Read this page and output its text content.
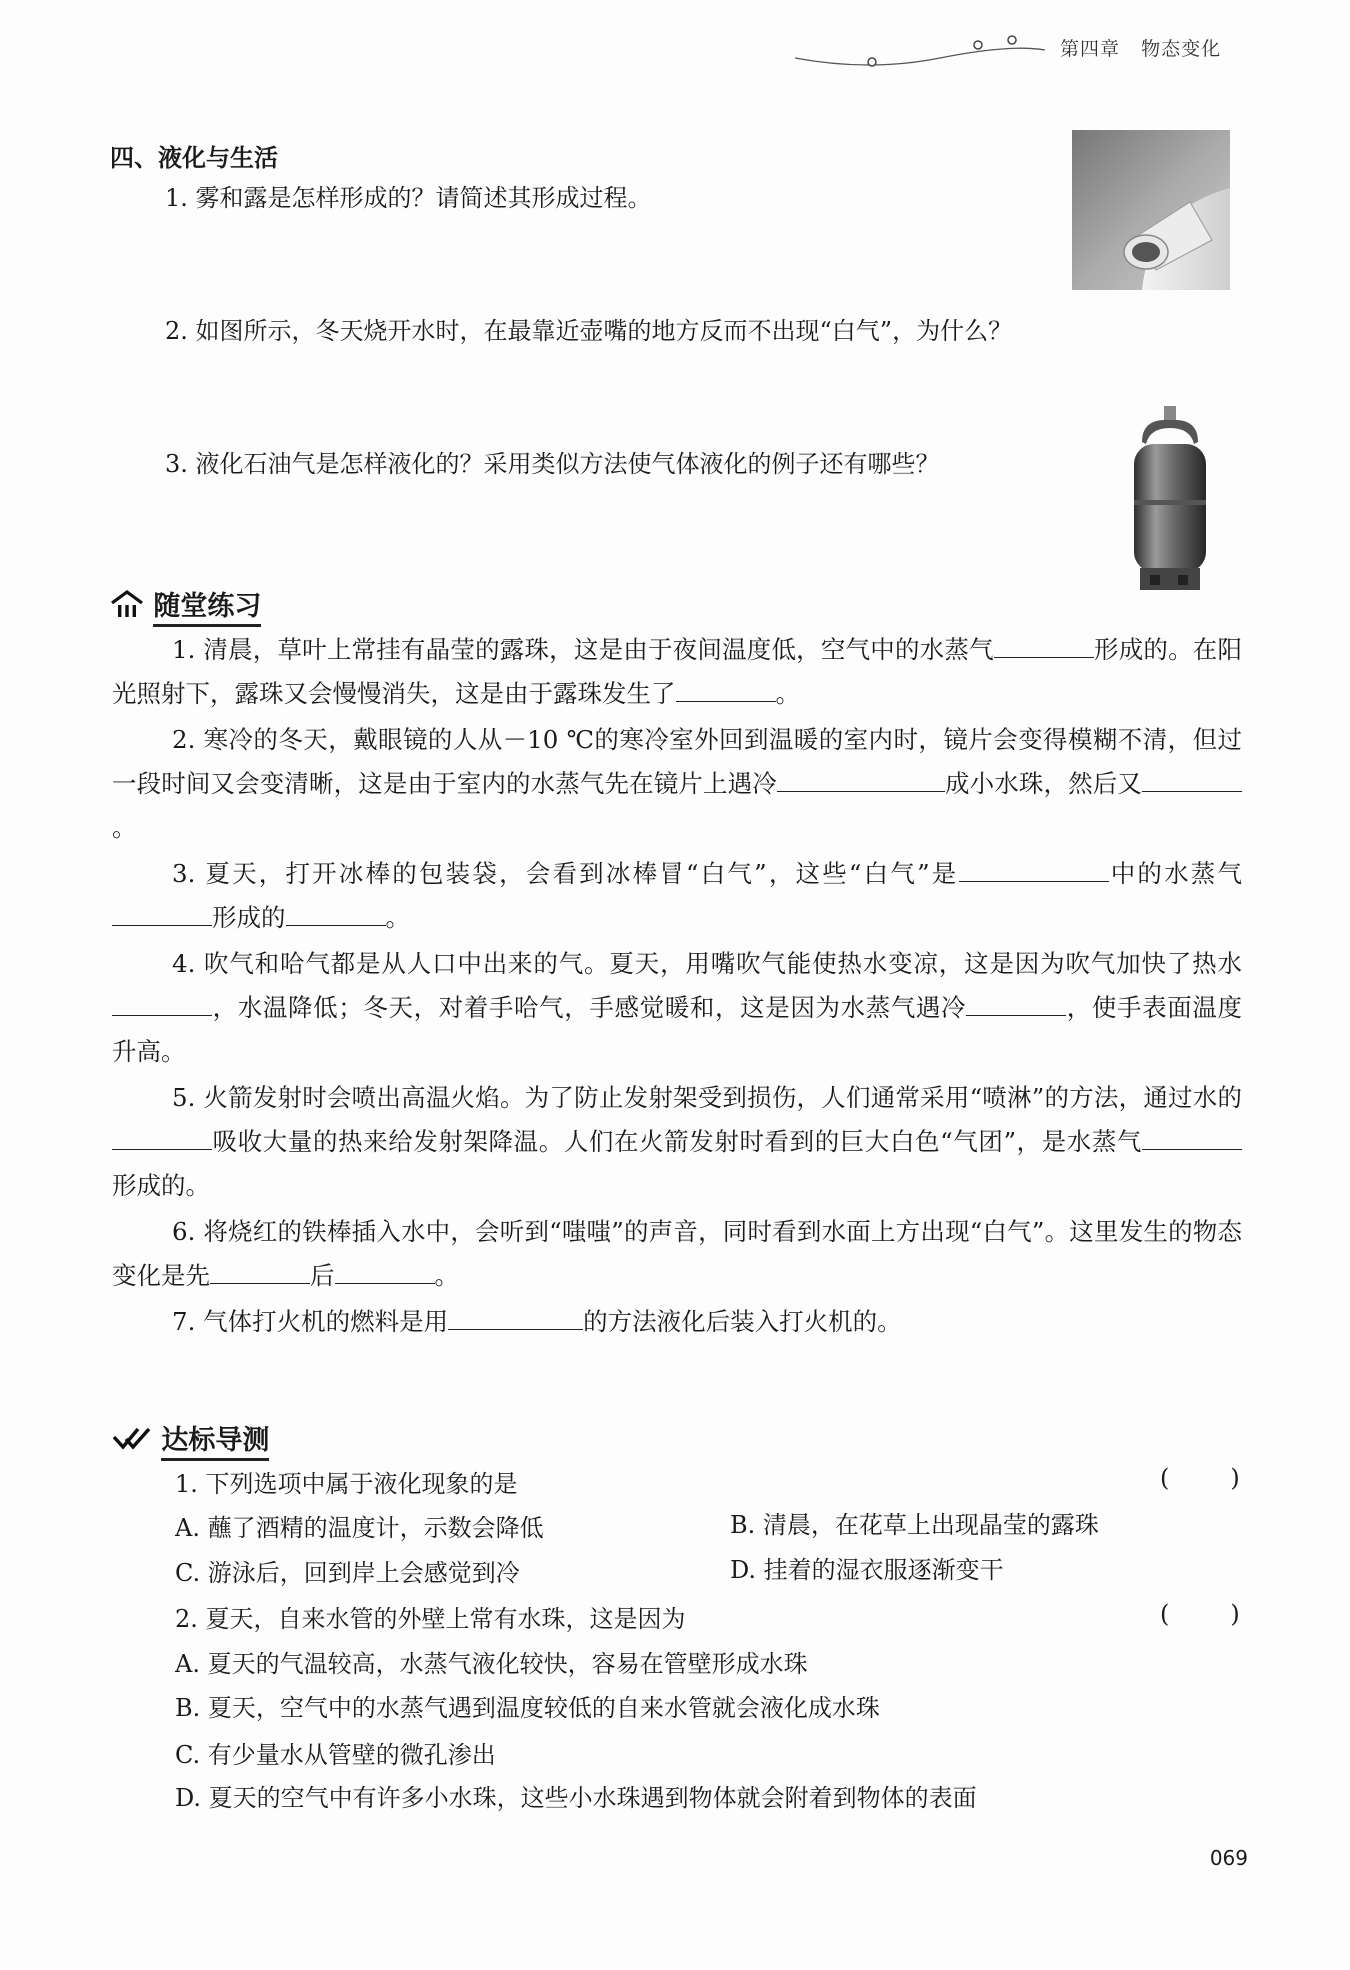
第四章 物态变化
四、液化与生活
1. 雾和露是怎样形成的？请简述其形成过程。
2. 如图所示，冬天烧开水时，在最靠近壶嘴的地方反而不出现“白气”，为什么？
3. 液化石油气是怎样液化的？采用类似方法使气体液化的例子还有哪些？
随堂练习
1. 清晨，草叶上常挂有晶莹的露珠，这是由于夜间温度低，空气中的水蒸气	形成的。在阳光照射下，露珠又会慢慢消失，这是由于露珠发生了	。
2. 寒冷的冬天，戴眼镜的人从－10 ℃的寒冷室外回到温暖的室内时，镜片会变得模糊不清，但过一段时间又会变清晰，这是由于室内的水蒸气先在镜片上遇冷	成小水珠，然后又。
3. 夏天，打开冰棒的包装袋，会看到冰棒冒“白气”，这些“白气”是	中的水蒸气形成的	。
4. 吹气和哈气都是从人口中出来的气。夏天，用嘴吹气能使热水变凉，这是因为吹气加快了热水，水温降低；冬天，对着手哈气，手感觉暖和，这是因为水蒸气遇冷	，使手表面温度升高。
5. 火箭发射时会喷出高温火焰。为了防止发射架受到损伤，人们通常采用“喷淋”的方法，通过水的吸收大量的热来给发射架降温。人们在火箭发射时看到的巨大白色“气团”，是水蒸气形成的。
6. 将烧红的铁棒插入水中，会听到“嗤嗤”的声音，同时看到水面上方出现“白气”。这里发生的物态变化是先	后	。
7. 气体打火机的燃料是用	的方法液化后装入打火机的。
达标导测
1. 下列选项中属于液化现象的是	(        )
A. 蘸了酒精的温度计，示数会降低	B. 清晨，在花草上出现晶莹的露珠
C. 游泳后，回到岸上会感觉到冷	D. 挂着的湿衣服逐渐变干
2. 夏天，自来水管的外壁上常有水珠，这是因为	(        )
A. 夏天的气温较高，水蒸气液化较快，容易在管壁形成水珠
B. 夏天，空气中的水蒸气遇到温度较低的自来水管就会液化成水珠
C. 有少量水从管壁的微孔渗出
D. 夏天的空气中有许多小水珠，这些小水珠遇到物体就会附着到物体的表面
069
